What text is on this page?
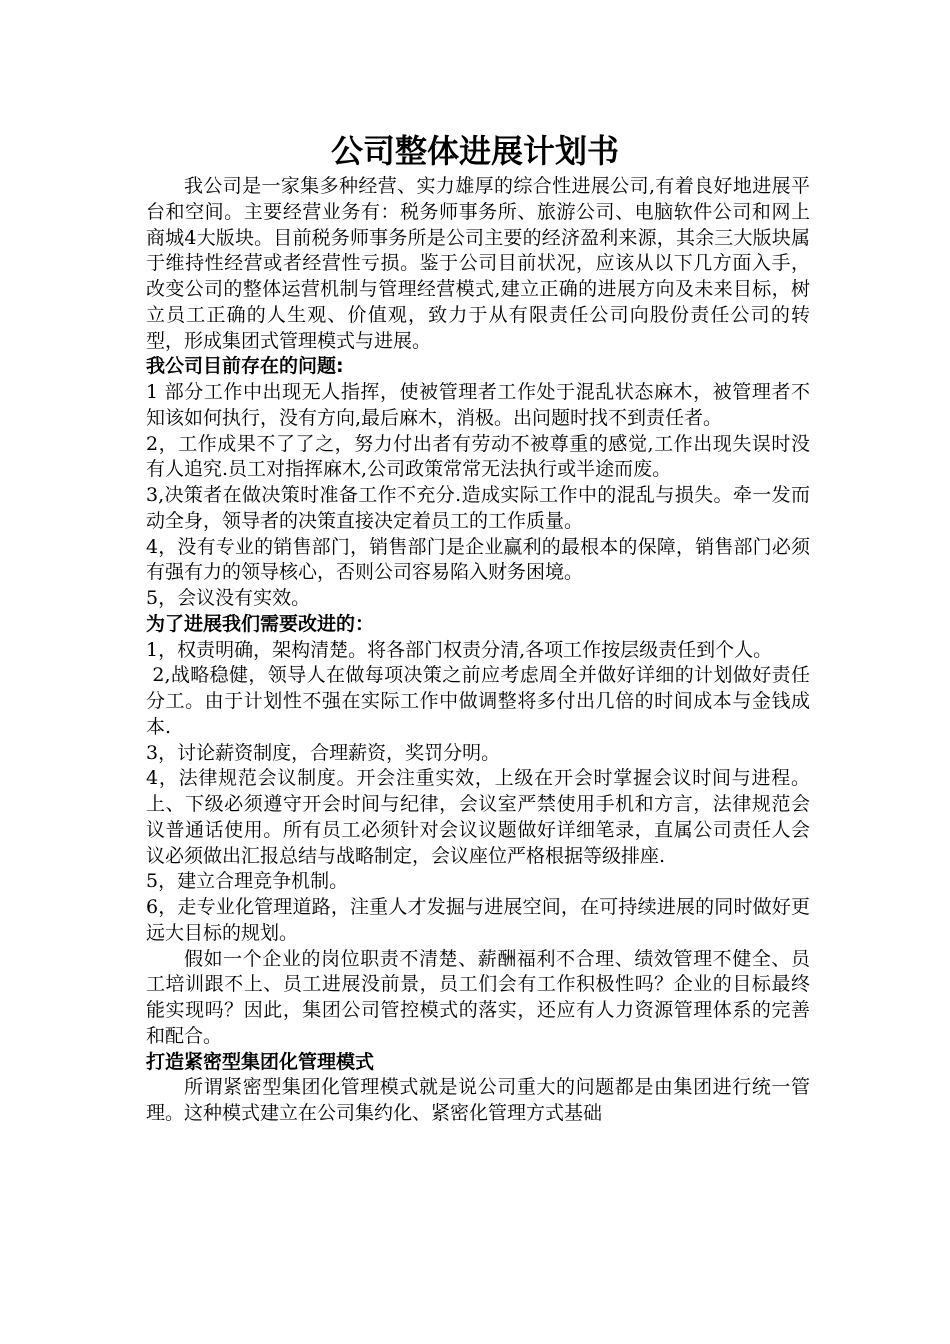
公司整体进展计划书

我公司是一家集多种经营、实力雄厚的综合性进展公司,有着良好地进展平台和空间。主要经营业务有：税务师事务所、旅游公司、电脑软件公司和网上商城4大版块。目前税务师事务所是公司主要的经济盈利来源，其余三大版块属于维持性经营或者经营性亏损。鉴于公司目前状况，应该从以下几方面入手，改变公司的整体运营机制与管理经营模式,建立正确的进展方向及未来目标，树立员工正确的人生观、价值观，致力于从有限责任公司向股份责任公司的转型，形成集团式管理模式与进展。

我公司目前存在的问题:

1 部分工作中出现无人指挥，使被管理者工作处于混乱状态麻木，被管理者不知该如何执行，没有方向,最后麻木，消极。出问题时找不到责任者。

2，工作成果不了了之，努力付出者有劳动不被尊重的感觉,工作出现失误时没有人追究.员工对指挥麻木,公司政策常常无法执行或半途而废。

3,决策者在做决策时准备工作不充分.造成实际工作中的混乱与损失。牵一发而动全身，领导者的决策直接决定着员工的工作质量。

4，没有专业的销售部门，销售部门是企业赢利的最根本的保障，销售部门必须有强有力的领导核心，否则公司容易陷入财务困境。

5，会议没有实效。

为了进展我们需要改进的：

1，权责明确，架构清楚。将各部门权责分清,各项工作按层级责任到个人。

2,战略稳健，领导人在做每项决策之前应考虑周全并做好详细的计划做好责任分工。由于计划性不强在实际工作中做调整将多付出几倍的时间成本与金钱成本.

3，讨论薪资制度，合理薪资，奖罚分明。

4，法律规范会议制度。开会注重实效，上级在开会时掌握会议时间与进程。上、下级必须遵守开会时间与纪律，会议室严禁使用手机和方言，法律规范会议普通话使用。所有员工必须针对会议议题做好详细笔录，直属公司责任人会议必须做出汇报总结与战略制定，会议座位严格根据等级排座.

5，建立合理竞争机制。

6，走专业化管理道路，注重人才发掘与进展空间，在可持续进展的同时做好更远大目标的规划。

假如一个企业的岗位职责不清楚、薪酬福利不合理、绩效管理不健全、员工培训跟不上、员工进展没前景，员工们会有工作积极性吗？企业的目标最终能实现吗？因此，集团公司管控模式的落实，还应有人力资源管理体系的完善和配合。

打造紧密型集团化管理模式

所谓紧密型集团化管理模式就是说公司重大的问题都是由集团进行统一管理。这种模式建立在公司集约化、紧密化管理方式基础
